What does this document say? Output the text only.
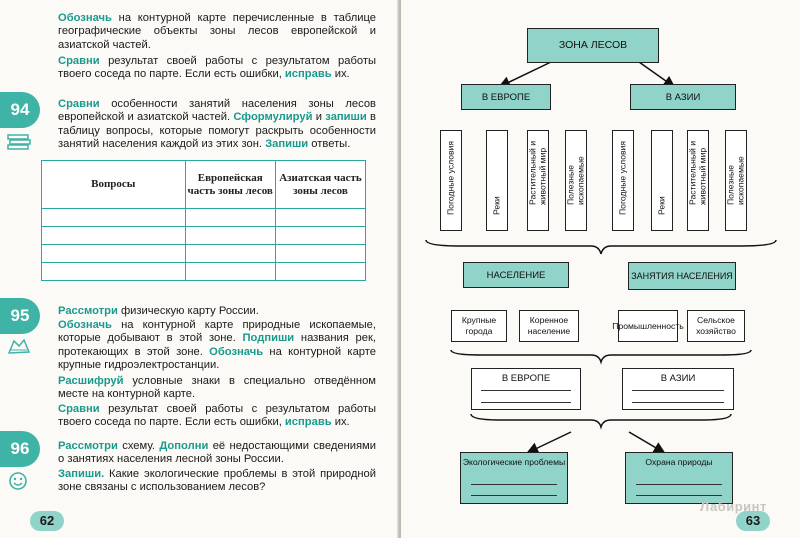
Обозначь на контурной карте перечисленные в таблице географические объекты зоны лесов европейской и азиатской частей.

Сравни результат своей работы с результатом работы твоего соседа по парте. Если есть ошибки, исправь их.

94	Сравни особенности занятий населения зоны лесов европейской и азиатской частей. Сформулируй и запиши в таблицу вопросы, которые помогут раскрыть особенности занятий населения каждой из этих зон. Запиши ответы.

Вопросы	Европейская часть зоны лесов	Азиатская часть зоны лесов

95	Рассмотри физическую карту России.

Обозначь на контурной карте природные ископаемые, которые добывают в этой зоне. Подпиши названия рек, протекающих в этой зоне. Обозначь на контурной карте крупные гидроэлектростанции.

Расшифруй условные знаки в специально отведённом месте на контурной карте.

Сравни результат своей работы с результатом работы твоего соседа по парте. Если есть ошибки, исправь их.

96	Рассмотри схему. Дополни её недостающими сведениями о занятиях населения лесной зоны России.

Запиши. Какие экологические проблемы в этой природной зоне связаны с использованием лесов?

62
ЗОНА ЛЕСОВ
В ЕВРОПЕ	В АЗИИ
Погодные условия	Реки
Растительный и животный мир Полезные ископаемые	Погодные условия	Реки
Растительный и животный мир Полезные ископаемые
НАСЕЛЕНИЕ	ЗАНЯТИЯ НАСЕЛЕНИЯ
Крупные города
Коренное население
Промышленность
Сельское хозяйство
В ЕВРОПЕ	В АЗИИ
Экологические проблемы	Охрана природы
63
Лабиринт
